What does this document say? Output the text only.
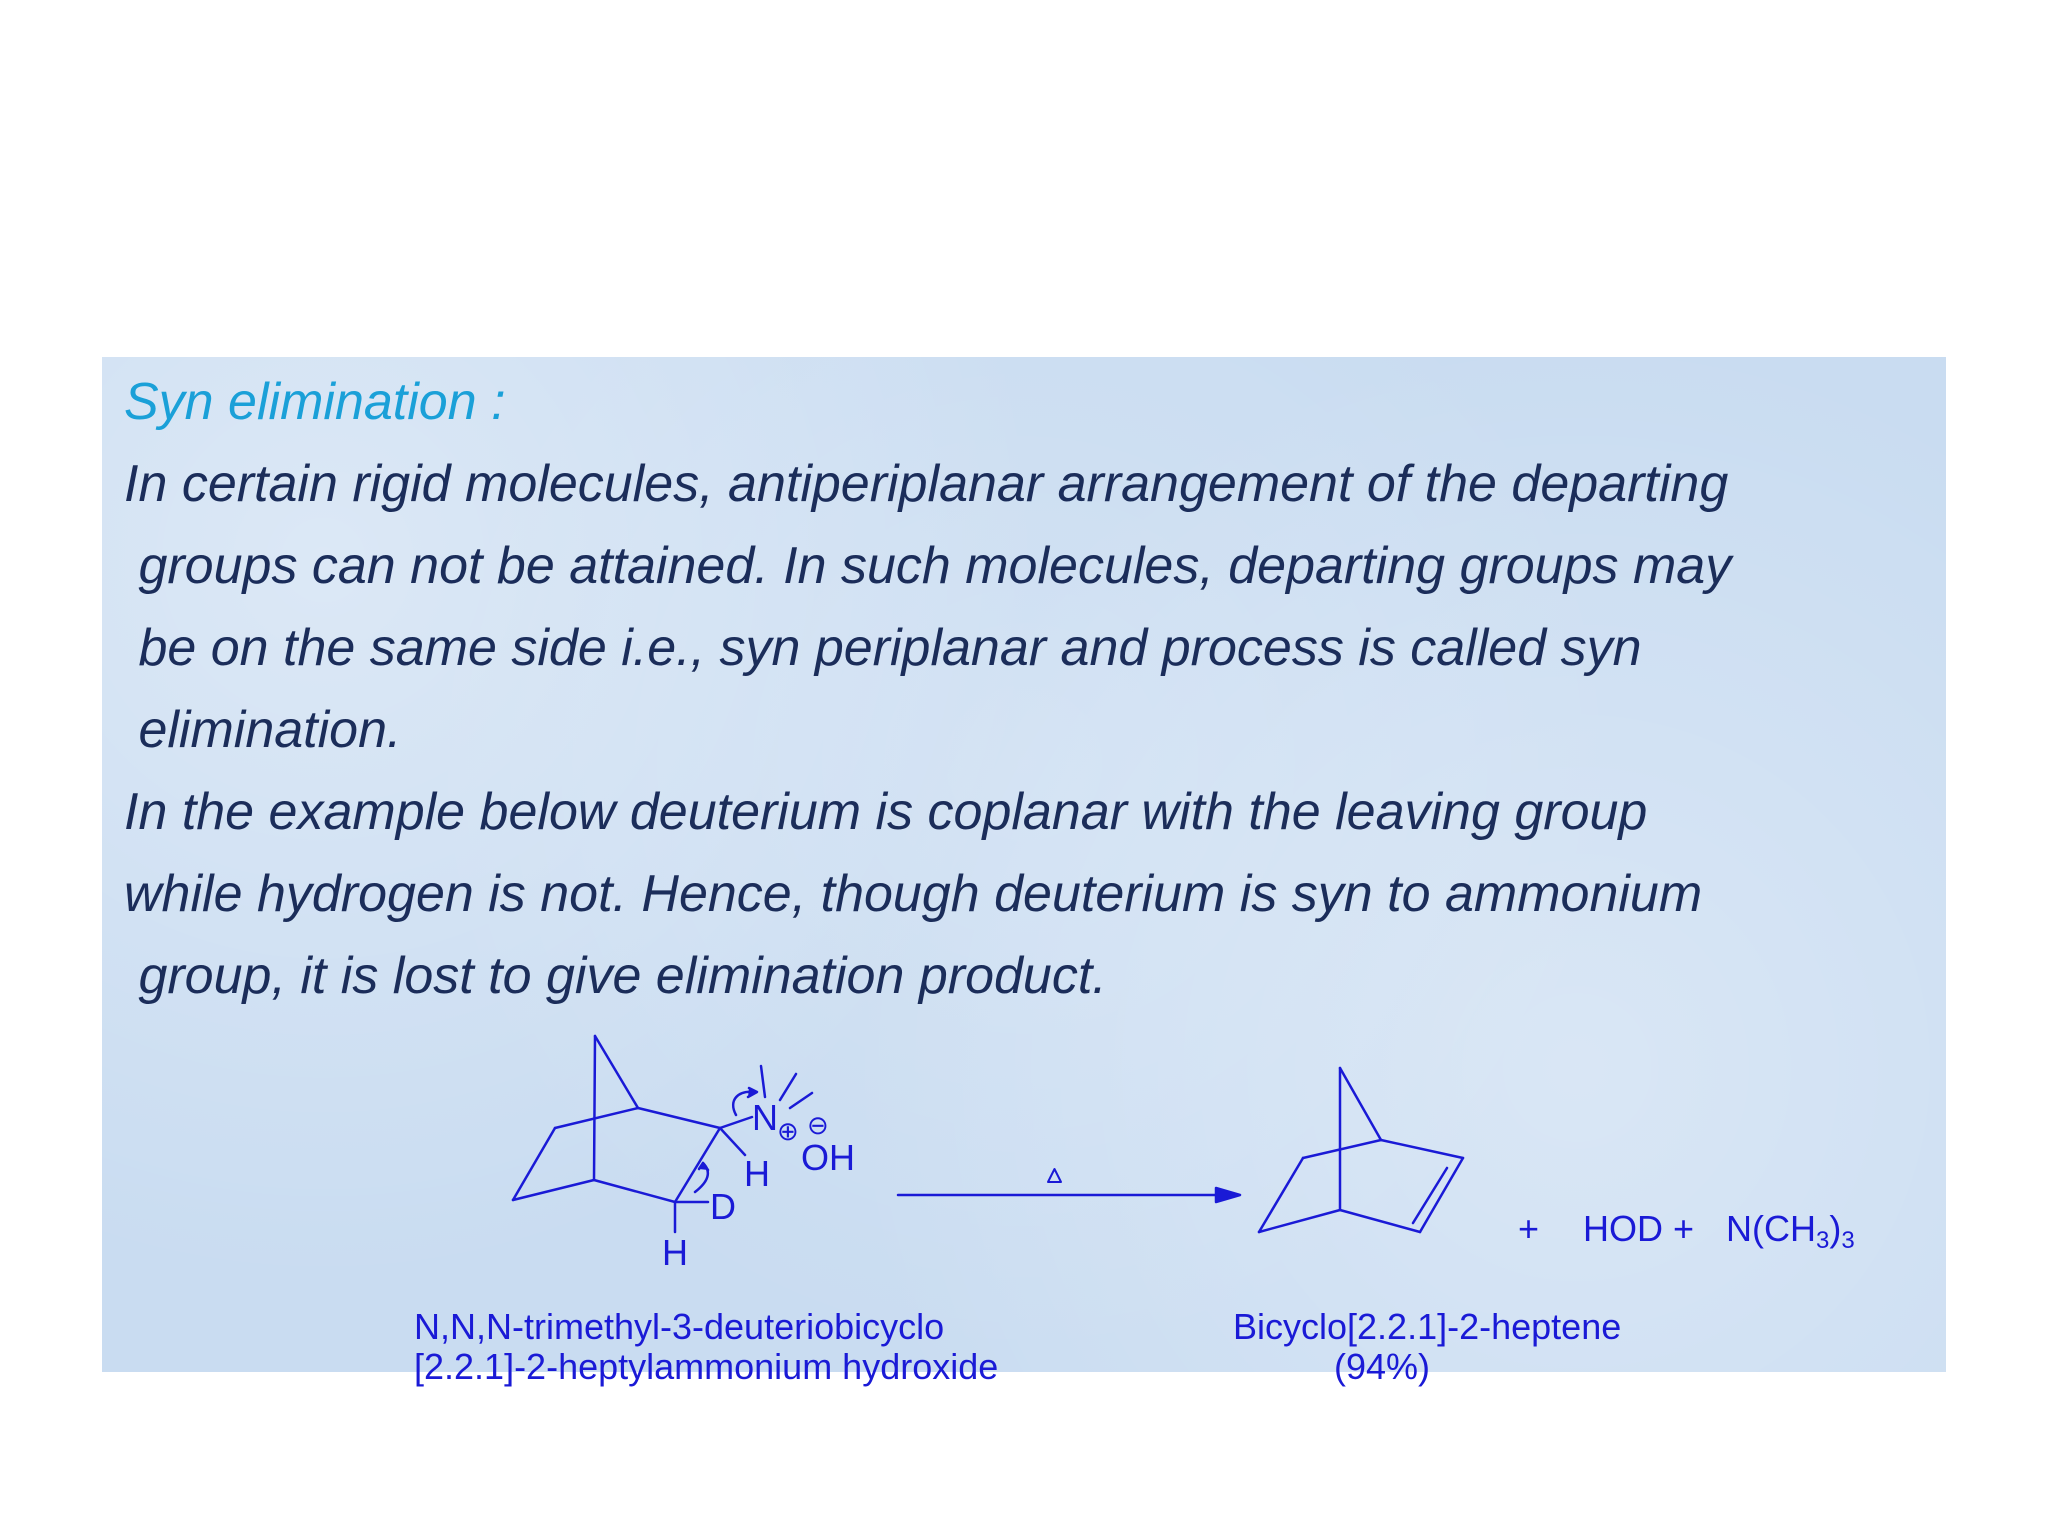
Syn elimination :

In certain rigid molecules, antiperiplanar arrangement of the departing

groups can not be attained. In such molecules, departing groups may

be on the same side i.e., syn periplanar and process is called syn

elimination.

In the example below deuterium is coplanar with the leaving group

while hydrogen is not. Hence, though deuterium is syn to ammonium

group, it is lost to give elimination product.

N ⊕ ⊖
OH
H
D
H
+ HOD + N(CH3)3

N,N,N-trimethyl-3-deuteriobicyclo

[2.2.1]-2-heptylammonium hydroxide

Bicyclo[2.2.1]-2-heptene

(94%)
